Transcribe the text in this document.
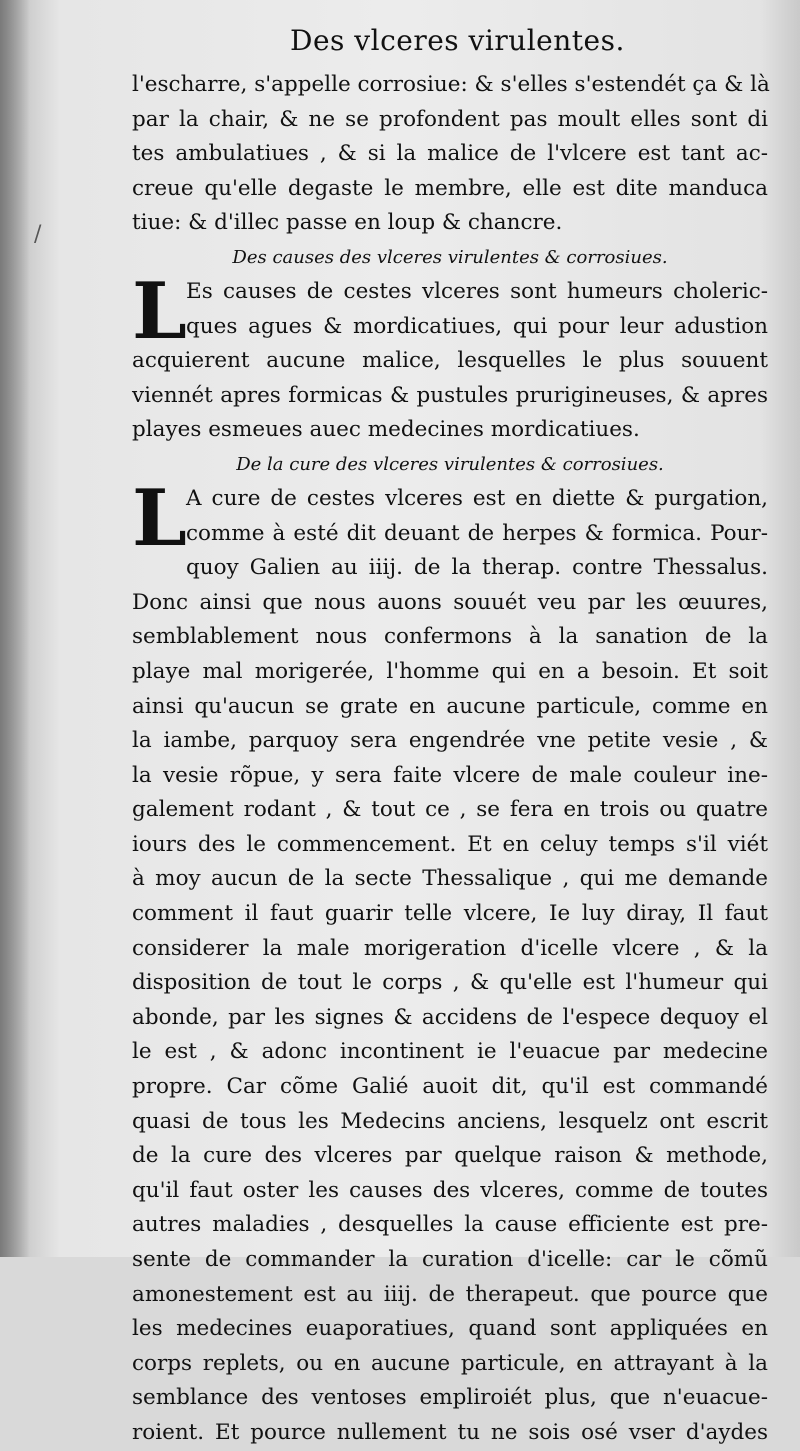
/
Des vlceres virulentes.
l'escharre, s'appelle corrosiue: & s'elles s'estendét ça & là
par la chair, & ne se profondent pas moult elles sont di
tes ambulatiues , & si la malice de l'vlcere est tant ac-
creue qu'elle degaste le membre, elle est dite manduca
tiue: & d'illec passe en loup & chancre.
Des causes des vlceres virulentes & corrosiues.
L Es causes de cestes vlceres sont humeurs choleric-
ques agues & mordicatiues, qui pour leur adustion
acquierent aucune malice, lesquelles le plus souuent
viennét apres formicas & pustules prurigineuses, & apres
playes esmeues auec medecines mordicatiues.
De la cure des vlceres virulentes & corrosiues.
L A cure de cestes vlceres est en diette & purgation,
comme à esté dit deuant de herpes & formica. Pour-
quoy Galien au iiij. de la therap. contre Thessalus.
Donc ainsi que nous auons souuét veu par les œuures,
semblablement nous confermons à la sanation de la
playe mal morigerée, l'homme qui en a besoin. Et soit
ainsi qu'aucun se grate en aucune particule, comme en
la iambe, parquoy sera engendrée vne petite vesie , &
la vesie rõpue, y sera faite vlcere de male couleur ine-
galement rodant , & tout ce , se fera en trois ou quatre
iours des le commencement. Et en celuy temps s'il viét
à moy aucun de la secte Thessalique , qui me demande
comment il faut guarir telle vlcere, Ie luy diray, Il faut
considerer la male morigeration d'icelle vlcere , & la
disposition de tout le corps , & qu'elle est l'humeur qui
abonde, par les signes & accidens de l'espece dequoy el
le est , & adonc incontinent ie l'euacue par medecine
propre. Car cõme Galié auoit dit, qu'il est commandé
quasi de tous les Medecins anciens, lesquelz ont escrit
de la cure des vlceres par quelque raison & methode,
qu'il faut oster les causes des vlceres, comme de toutes
autres maladies , desquelles la cause efficiente est pre-
sente de commander la curation d'icelle: car le cõmũ
amonestement est au iiij. de therapeut. que pource que
les medecines euaporatiues, quand sont appliquées en
corps replets, ou en aucune particule, en attrayant à la
semblance des ventoses empliroiét plus, que n'euacue-
roient. Et pource nullement tu ne sois osé vser d'aydes
